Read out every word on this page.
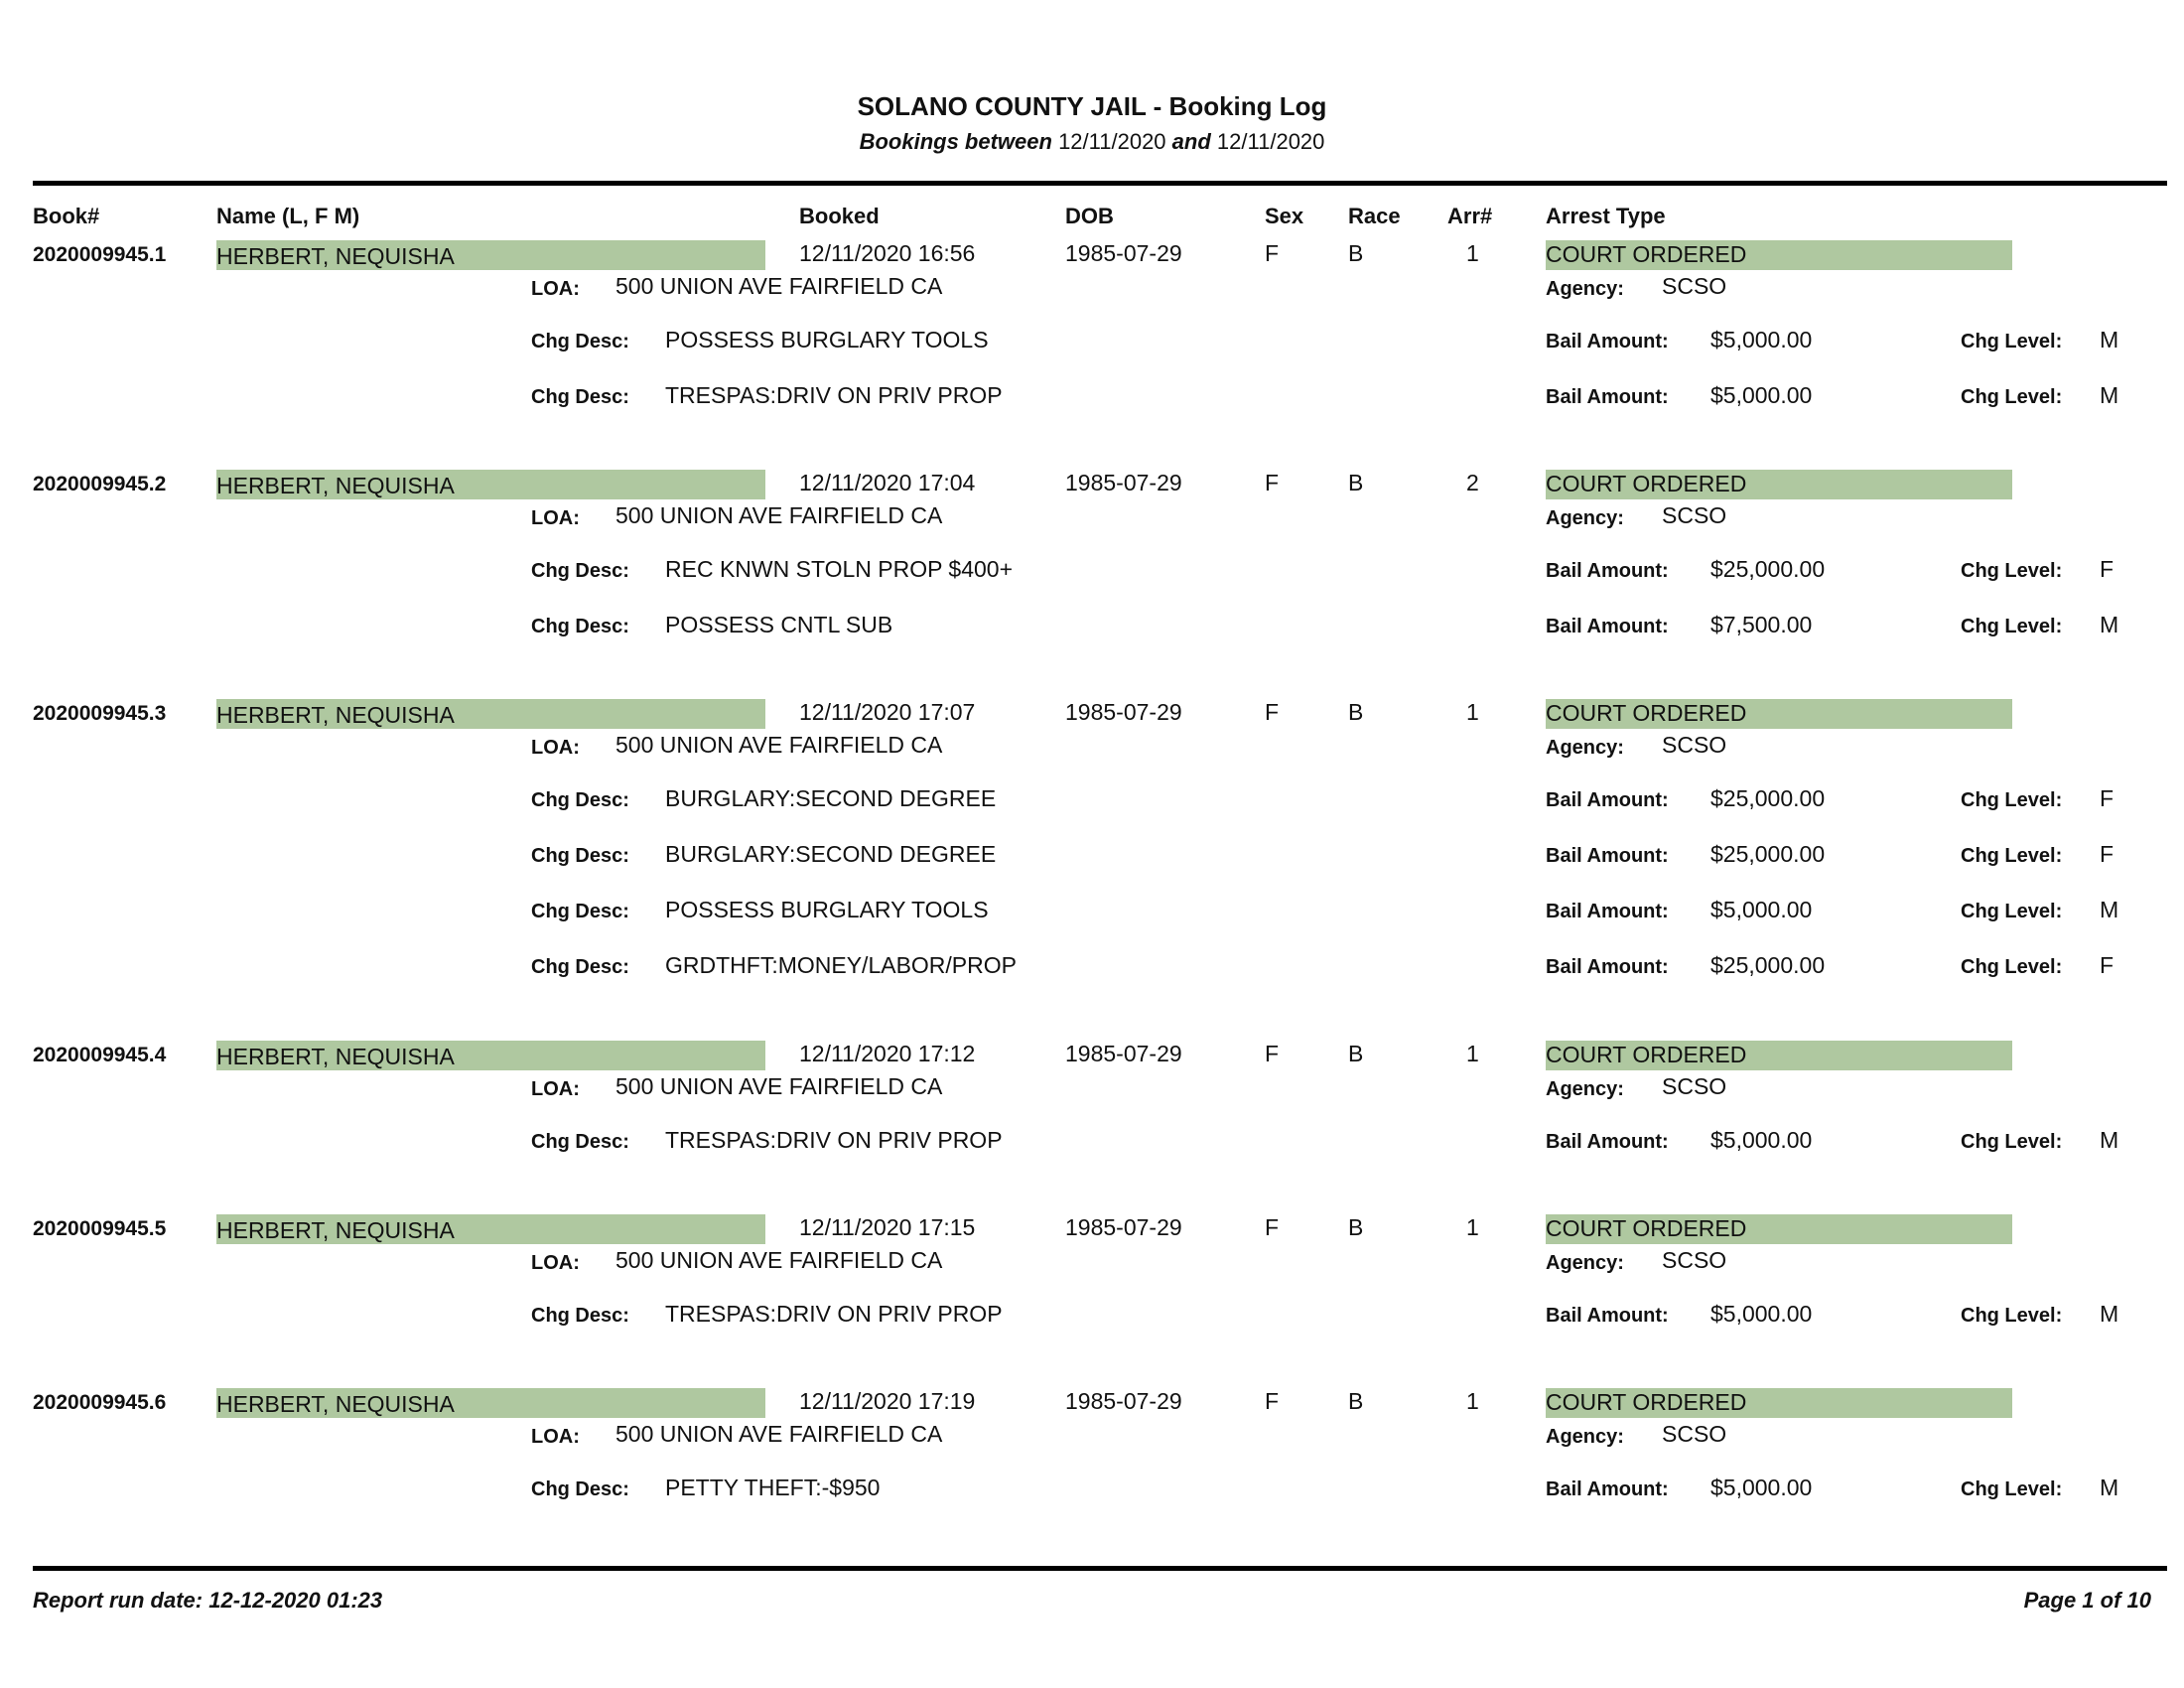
SOLANO COUNTY JAIL - Booking Log
Bookings between 12/11/2020 and 12/11/2020
Book#	Name (L, F M)	Booked	DOB	Sex Race Arr# Arrest Type
2020009945.1 HERBERT, NEQUISHA	12/11/2020 16:56	1985-07-29	F	B	1	COURT ORDERED
LOA: 500 UNION AVE FAIRFIELD CA	Agency: SCSO
Chg Desc: POSSESS BURGLARY TOOLS	Bail Amount: $5,000.00	Chg Level: M
Chg Desc: TRESPAS:DRIV ON PRIV PROP	Bail Amount: $5,000.00	Chg Level: M
2020009945.2 HERBERT, NEQUISHA	12/11/2020 17:04	1985-07-29	F	B	2	COURT ORDERED
LOA: 500 UNION AVE FAIRFIELD CA	Agency: SCSO
Chg Desc: REC KNWN STOLN PROP $400+	Bail Amount: $25,000.00	Chg Level: F
Chg Desc: POSSESS CNTL SUB	Bail Amount: $7,500.00	Chg Level: M
2020009945.3 HERBERT, NEQUISHA	12/11/2020 17:07	1985-07-29	F	B	1	COURT ORDERED
LOA: 500 UNION AVE FAIRFIELD CA	Agency: SCSO
Chg Desc: BURGLARY:SECOND DEGREE	Bail Amount: $25,000.00	Chg Level: F
Chg Desc: BURGLARY:SECOND DEGREE	Bail Amount: $25,000.00	Chg Level: F
Chg Desc: POSSESS BURGLARY TOOLS	Bail Amount: $5,000.00	Chg Level: M
Chg Desc: GRDTHFT:MONEY/LABOR/PROP	Bail Amount: $25,000.00	Chg Level: F
2020009945.4 HERBERT, NEQUISHA	12/11/2020 17:12	1985-07-29	F	B	1	COURT ORDERED
LOA: 500 UNION AVE FAIRFIELD CA	Agency: SCSO
Chg Desc: TRESPAS:DRIV ON PRIV PROP	Bail Amount: $5,000.00	Chg Level: M
2020009945.5 HERBERT, NEQUISHA	12/11/2020 17:15	1985-07-29	F	B	1	COURT ORDERED
LOA: 500 UNION AVE FAIRFIELD CA	Agency: SCSO
Chg Desc: TRESPAS:DRIV ON PRIV PROP	Bail Amount: $5,000.00	Chg Level: M
2020009945.6 HERBERT, NEQUISHA	12/11/2020 17:19	1985-07-29	F	B	1	COURT ORDERED
LOA: 500 UNION AVE FAIRFIELD CA	Agency: SCSO
Chg Desc: PETTY THEFT:-$950	Bail Amount: $5,000.00	Chg Level: M
Report run date: 12-12-2020 01:23	Page 1 of 10
